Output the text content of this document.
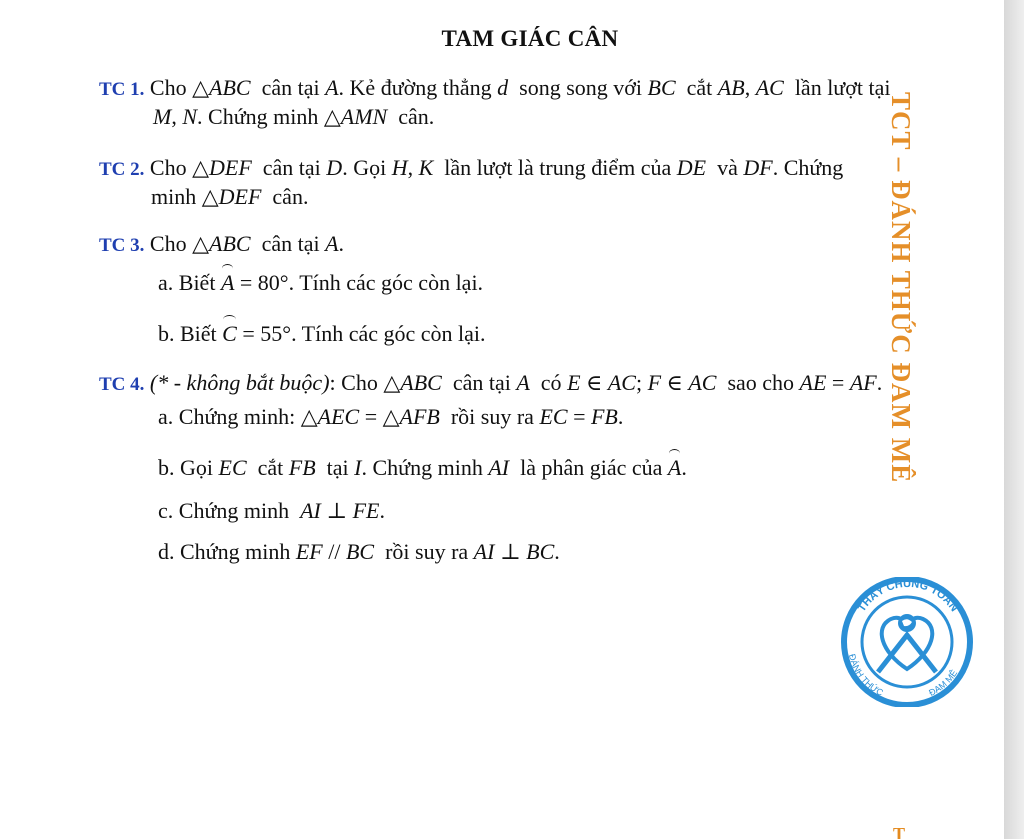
TAM GIÁC CÂN
TC 1. Cho △ABC  cân tại A. Kẻ đường thẳng d  song song với BC  cắt AB, AC  lần lượt tại
M, N. Chứng minh △AMN  cân.
TC 2. Cho △DEF  cân tại D. Gọi H, K  lần lượt là trung điểm của DE  và DF. Chứng
minh △DEF  cân.
TC 3. Cho △ABC  cân tại A.
a. Biết A = 80°. Tính các góc còn lại.
b. Biết C = 55°. Tính các góc còn lại.
TC 4. (* - không bắt buộc): Cho △ABC  cân tại A  có E ∈ AC; F ∈ AC  sao cho AE = AF.
a. Chứng minh: △AEC = △AFB  rồi suy ra EC = FB.
b. Gọi EC  cắt FB  tại I. Chứng minh AI  là phân giác của A.
c. Chứng minh  AI ⊥ FE.
d. Chứng minh EF // BC  rồi suy ra AI ⊥ BC.
TCT – ĐÁNH THỨC ĐAM MÊ
THẦY CHUNG TOÁN
ĐÁNH THỨC	ĐAM MÊ
T
